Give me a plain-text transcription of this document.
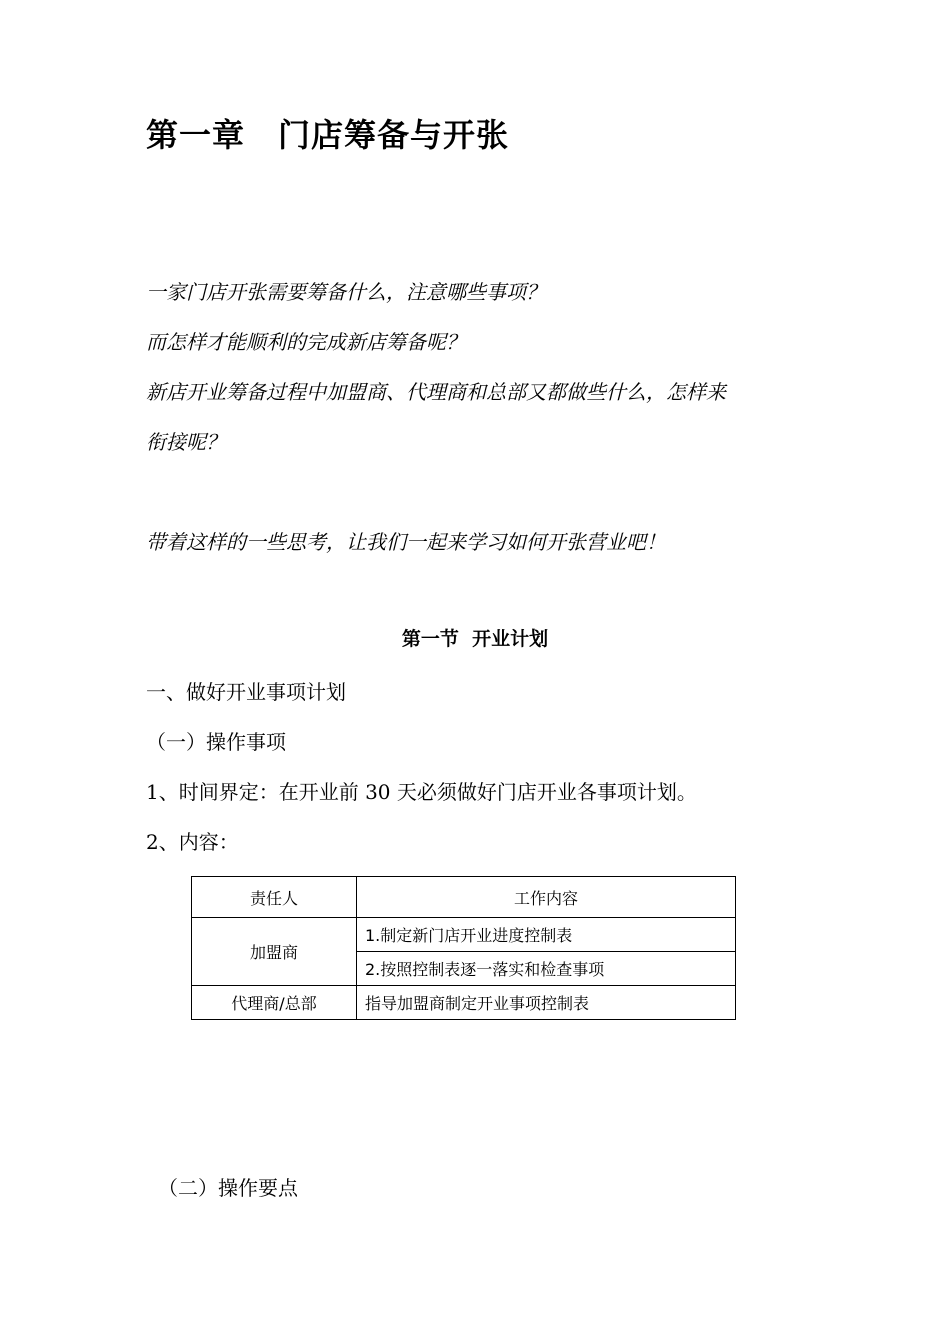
第一章　门店筹备与开张
一家门店开张需要筹备什么，注意哪些事项？
而怎样才能顺利的完成新店筹备呢？
新店开业筹备过程中加盟商、代理商和总部又都做些什么，怎样来
衔接呢？
带着这样的一些思考，让我们一起来学习如何开张营业吧！
第一节  开业计划
一、做好开业事项计划
（一）操作事项
1、时间界定：在开业前 30 天必须做好门店开业各事项计划。
2、内容：
责任人	工作内容
加盟商	1.制定新门店开业进度控制表
	2.按照控制表逐一落实和检查事项
代理商/总部	指导加盟商制定开业事项控制表
（二）操作要点
